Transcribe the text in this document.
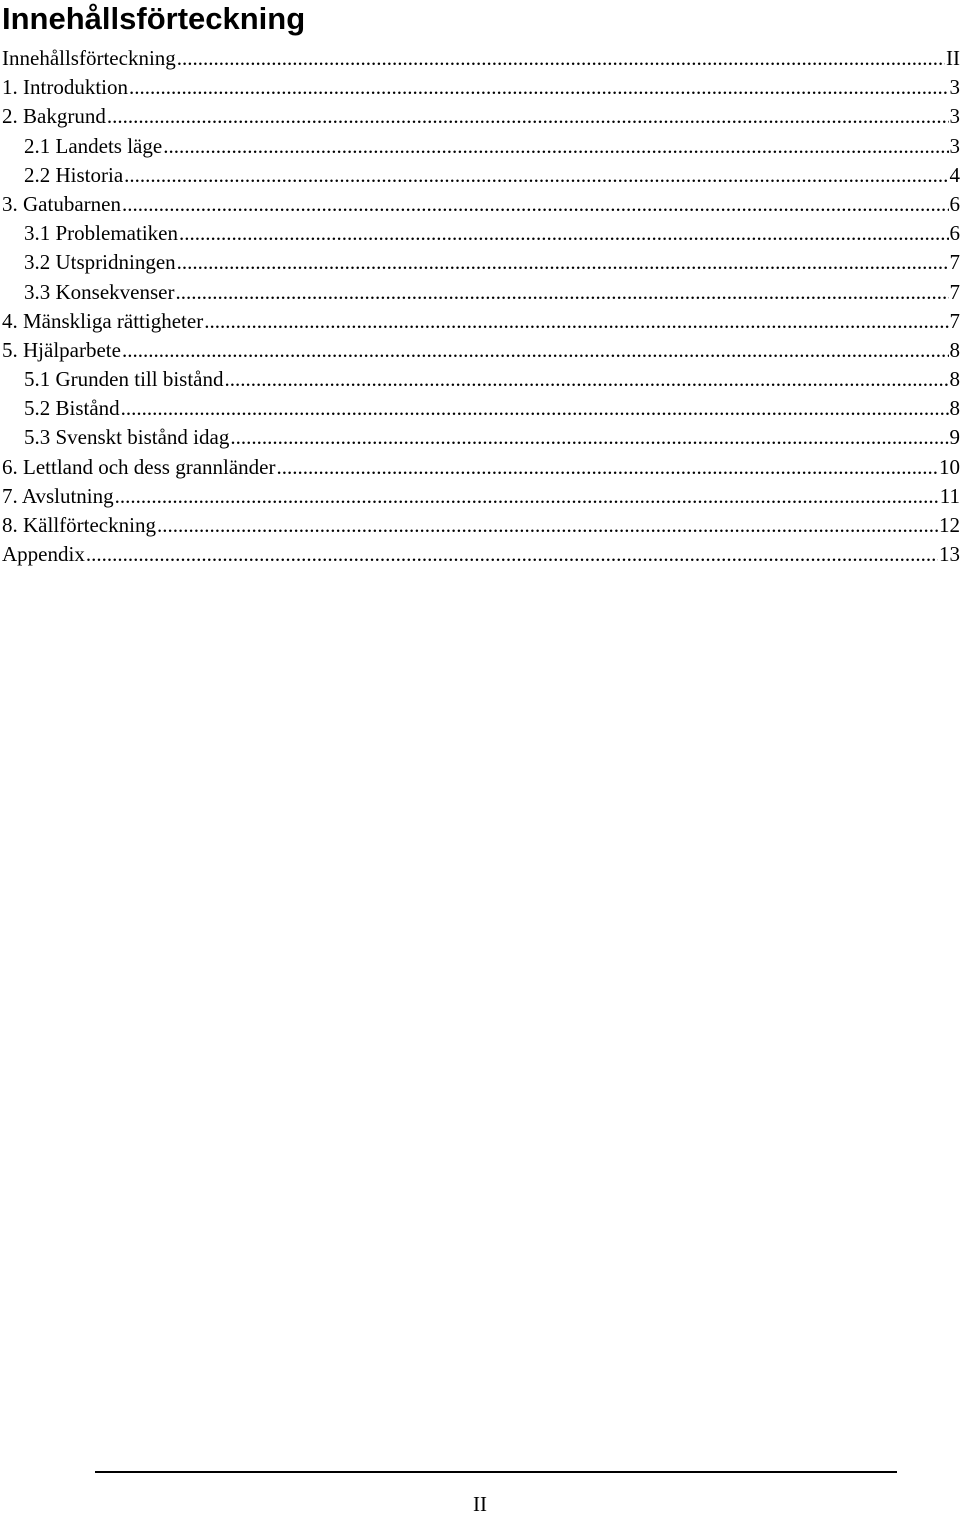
Innehållsförteckning
Innehållsförteckning .....	II
1. Introduktion .....	3
2. Bakgrund .....	3
2.1 Landets läge .....	3
2.2 Historia .....	4
3. Gatubarnen .....	6
3.1 Problematiken .....	6
3.2 Utspridningen .....	7
3.3 Konsekvenser .....	7
4. Mänskliga rättigheter .....	7
5. Hjälparbete .....	8
5.1 Grunden till bistånd .....	8
5.2 Bistånd .....	8
5.3 Svenskt bistånd idag .....	9
6. Lettland och dess grannländer .....	10
7. Avslutning .....	11
8. Källförteckning .....	12
Appendix .....	13
II
